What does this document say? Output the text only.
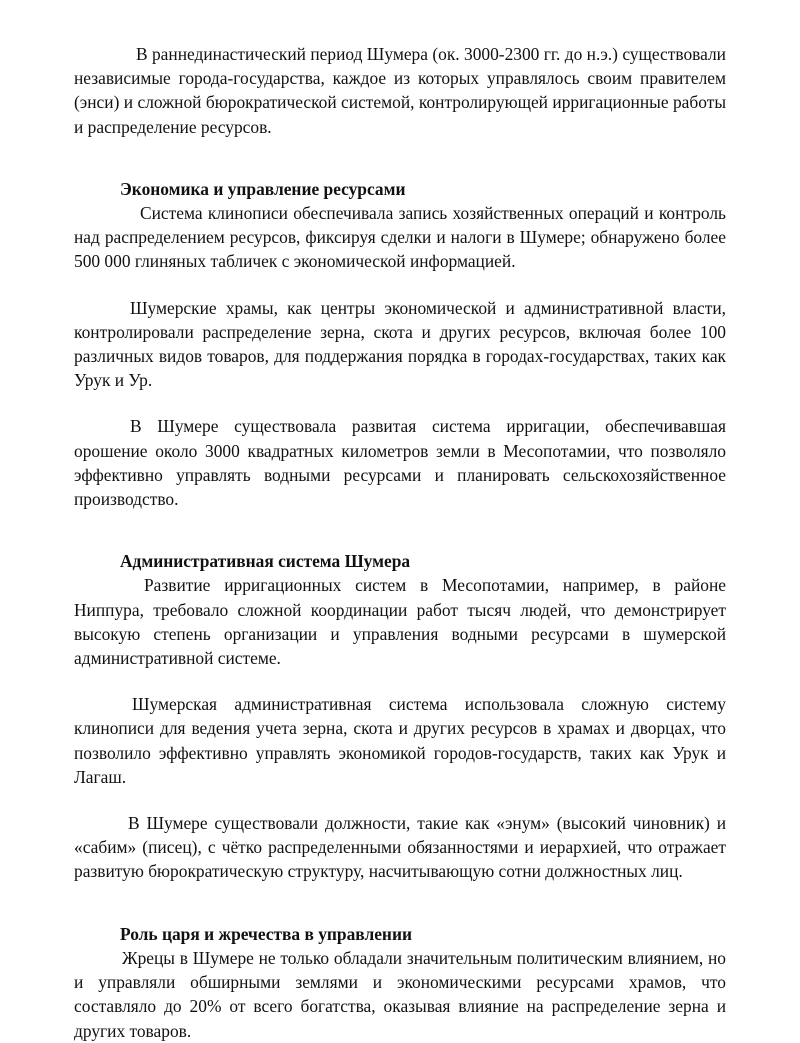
В раннединастический период Шумера (ок. 3000-2300 гг. до н.э.) существовали независимые города-государства, каждое из которых управлялось своим правителем (энси) и сложной бюрократической системой, контролирующей ирригационные работы и распределение ресурсов.

Экономика и управление ресурсами

Система клинописи обеспечивала запись хозяйственных операций и контроль над распределением ресурсов, фиксируя сделки и налоги в Шумере; обнаружено более 500 000 глиняных табличек с экономической информацией.

Шумерские храмы, как центры экономической и административной власти, контролировали распределение зерна, скота и других ресурсов, включая более 100 различных видов товаров, для поддержания порядка в городах-государствах, таких как Урук и Ур.

В Шумере существовала развитая система ирригации, обеспечивавшая орошение около 3000 квадратных километров земли в Месопотамии, что позволяло эффективно управлять водными ресурсами и планировать сельскохозяйственное производство.

Административная система Шумера

Развитие ирригационных систем в Месопотамии, например, в районе Ниппура, требовало сложной координации работ тысяч людей, что демонстрирует высокую степень организации и управления водными ресурсами в шумерской административной системе.

Шумерская административная система использовала сложную систему клинописи для ведения учета зерна, скота и других ресурсов в храмах и дворцах, что позволило эффективно управлять экономикой городов-государств, таких как Урук и Лагаш.

В Шумере существовали должности, такие как «энум» (высокий чиновник) и «сабим» (писец), с чётко распределенными обязанностями и иерархией, что отражает развитую бюрократическую структуру, насчитывающую сотни должностных лиц.

Роль царя и жречества в управлении

Жрецы в Шумере не только обладали значительным политическим влиянием, но и управляли обширными землями и экономическими ресурсами храмов, что составляло до 20% от всего богатства, оказывая влияние на распределение зерна и других товаров.
